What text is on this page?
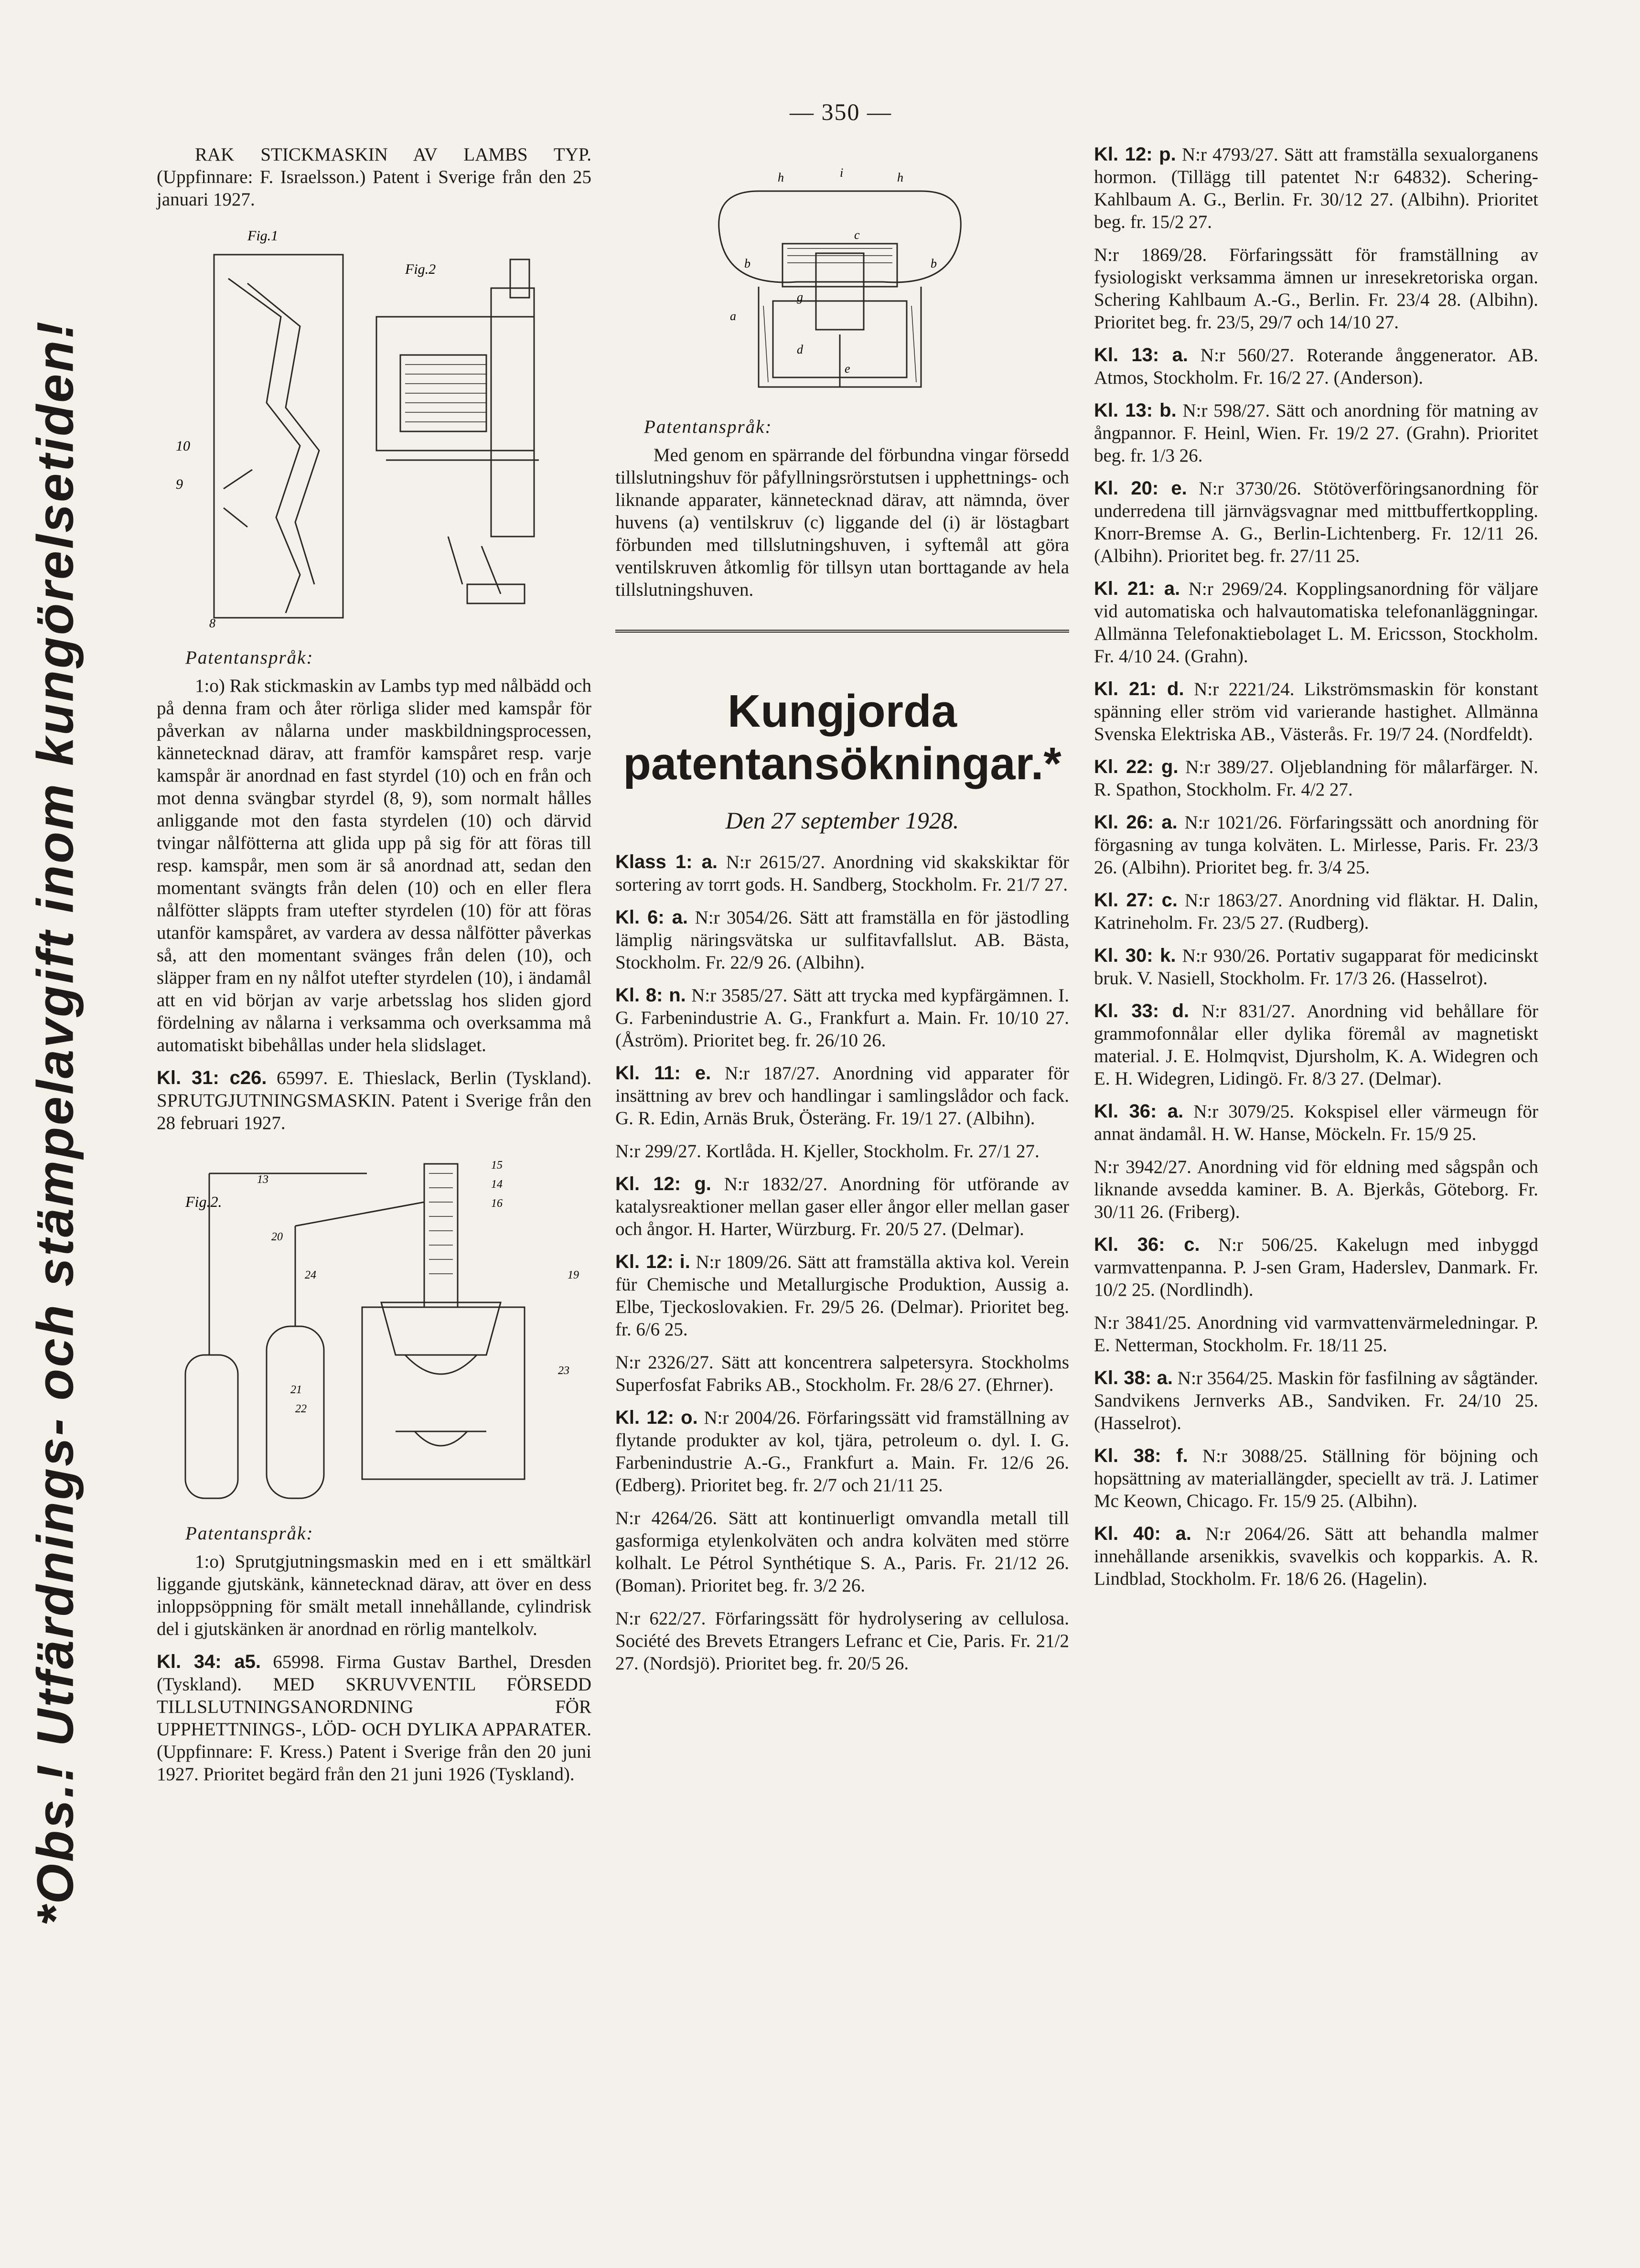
— 350 —
*Obs.! Utfärdnings- och stämpelavgift inom kungörelsetiden!

RAK STICKMASKIN AV LAMBS TYP. (Uppfinnare: F. Israelsson.) Patent i Sverige från den 25 januari 1927.

Fig.1
Fig.2
10
9
8

Patentanspråk:

1:o) Rak stickmaskin av Lambs typ med nålbädd och på denna fram och åter rörliga slider med kamspår för påverkan av nålarna under maskbildningsprocessen, kännetecknad därav, att framför kamspåret resp. varje kamspår är anordnad en fast styrdel (10) och en från och mot denna svängbar styrdel (8, 9), som normalt hålles anliggande mot den fasta styrdelen (10) och därvid tvingar nålfötterna att glida upp på sig för att föras till resp. kamspår, men som är så anordnad att, sedan den momentant svängts från delen (10) och en eller flera nålfötter släppts fram utefter styrdelen (10) för att föras utanför kamspåret, av vardera av dessa nålfötter påverkas så, att den momentant svänges från delen (10), och släpper fram en ny nålfot utefter styrdelen (10), i ändamål att en vid början av varje arbetsslag hos sliden gjord fördelning av nålarna i verksamma och overksamma må automatiskt bibehållas under hela slidslaget.

Kl. 31: c26. 65997. E. Thieslack, Berlin (Tyskland). SPRUTGJUTNINGSMASKIN. Patent i Sverige från den 28 februari 1927.

Fig.2.
13
15
14
16
20
24	19
21
22
23

Patentanspråk:

1:o) Sprutgjutningsmaskin med en i ett smältkärl liggande gjutskänk, kännetecknad därav, att över en dess inloppsöppning för smält metall innehållande, cylindrisk del i gjutskänken är anordnad en rörlig mantelkolv.

Kl. 34: a5. 65998. Firma Gustav Barthel, Dresden (Tyskland). MED SKRUVVENTIL FÖRSEDD TILLSLUTNINGSANORDNING FÖR UPPHETTNINGS-, LÖD- OCH DYLIKA APPARATER. (Uppfinnare: F. Kress.) Patent i Sverige från den 20 juni 1927. Prioritet begärd från den 21 juni 1926 (Tyskland).

h	i	h
c
b	b
g
a
d
e

Patentanspråk:

Med genom en spärrande del förbundna vingar försedd tillslutningshuv för påfyllningsrörstutsen i upphettnings- och liknande apparater, kännetecknad därav, att nämnda, över huvens (a) ventilskruv (c) liggande del (i) är löstagbart förbunden med tillslutningshuven, i syftemål att göra ventilskruven åtkomlig för tillsyn utan borttagande av hela tillslutningshuven.

Kungjorda patentansökningar.*
Den 27 september 1928.

Klass 1: a. N:r 2615/27. Anordning vid skakskiktar för sortering av torrt gods. H. Sandberg, Stockholm. Fr. 21/7 27.

Kl. 6: a. N:r 3054/26. Sätt att framställa en för jästodling lämplig näringsvätska ur sulfitavfallslut. AB. Bästa, Stockholm. Fr. 22/9 26. (Albihn).

Kl. 8: n. N:r 3585/27. Sätt att trycka med kypfärgämnen. I. G. Farbenindustrie A. G., Frankfurt a. Main. Fr. 10/10 27. (Åström). Prioritet beg. fr. 26/10 26.

Kl. 11: e. N:r 187/27. Anordning vid apparater för insättning av brev och handlingar i samlingslådor och fack. G. R. Edin, Arnäs Bruk, Österäng. Fr. 19/1 27. (Albihn).

N:r 299/27. Kortlåda. H. Kjeller, Stockholm. Fr. 27/1 27.

Kl. 12: g. N:r 1832/27. Anordning för utförande av katalysreaktioner mellan gaser eller ångor eller mellan gaser och ångor. H. Harter, Würzburg. Fr. 20/5 27. (Delmar).

Kl. 12: i. N:r 1809/26. Sätt att framställa aktiva kol. Verein für Chemische und Metallurgische Produktion, Aussig a. Elbe, Tjeckoslovakien. Fr. 29/5 26. (Delmar). Prioritet beg. fr. 6/6 25.

N:r 2326/27. Sätt att koncentrera salpetersyra. Stockholms Superfosfat Fabriks AB., Stockholm. Fr. 28/6 27. (Ehrner).

Kl. 12: o. N:r 2004/26. Förfaringssätt vid framställning av flytande produkter av kol, tjära, petroleum o. dyl. I. G. Farbenindustrie A.-G., Frankfurt a. Main. Fr. 12/6 26. (Edberg). Prioritet beg. fr. 2/7 och 21/11 25.

N:r 4264/26. Sätt att kontinuerligt omvandla metall till gasformiga etylenkolväten och andra kolväten med större kolhalt. Le Pétrol Synthétique S. A., Paris. Fr. 21/12 26. (Boman). Prioritet beg. fr. 3/2 26.

N:r 622/27. Förfaringssätt för hydrolysering av cellulosa. Société des Brevets Etrangers Lefranc et Cie, Paris. Fr. 21/2 27. (Nordsjö). Prioritet beg. fr. 20/5 26.

Kl. 12: p. N:r 4793/27. Sätt att framställa sexualorganens hormon. (Tillägg till patentet N:r 64832). Schering-Kahlbaum A. G., Berlin. Fr. 30/12 27. (Albihn). Prioritet beg. fr. 15/2 27.

N:r 1869/28. Förfaringssätt för framställning av fysiologiskt verksamma ämnen ur inresekretoriska organ. Schering Kahlbaum A.-G., Berlin. Fr. 23/4 28. (Albihn). Prioritet beg. fr. 23/5, 29/7 och 14/10 27.

Kl. 13: a. N:r 560/27. Roterande ånggenerator. AB. Atmos, Stockholm. Fr. 16/2 27. (Anderson).

Kl. 13: b. N:r 598/27. Sätt och anordning för matning av ångpannor. F. Heinl, Wien. Fr. 19/2 27. (Grahn). Prioritet beg. fr. 1/3 26.

Kl. 20: e. N:r 3730/26. Stötöverföringsanordning för underredena till järnvägsvagnar med mittbuffertkoppling. Knorr-Bremse A. G., Berlin-Lichtenberg. Fr. 12/11 26. (Albihn). Prioritet beg. fr. 27/11 25.

Kl. 21: a. N:r 2969/24. Kopplingsanordning för väljare vid automatiska och halvautomatiska telefonanläggningar. Allmänna Telefonaktiebolaget L. M. Ericsson, Stockholm. Fr. 4/10 24. (Grahn).

Kl. 21: d. N:r 2221/24. Likströmsmaskin för konstant spänning eller ström vid varierande hastighet. Allmänna Svenska Elektriska AB., Västerås. Fr. 19/7 24. (Nordfeldt).

Kl. 22: g. N:r 389/27. Oljeblandning för målarfärger. N. R. Spathon, Stockholm. Fr. 4/2 27.

Kl. 26: a. N:r 1021/26. Förfaringssätt och anordning för förgasning av tunga kolväten. L. Mirlesse, Paris. Fr. 23/3 26. (Albihn). Prioritet beg. fr. 3/4 25.

Kl. 27: c. N:r 1863/27. Anordning vid fläktar. H. Dalin, Katrineholm. Fr. 23/5 27. (Rudberg).

Kl. 30: k. N:r 930/26. Portativ sugapparat för medicinskt bruk. V. Nasiell, Stockholm. Fr. 17/3 26. (Hasselrot).

Kl. 33: d. N:r 831/27. Anordning vid behållare för grammofonnålar eller dylika föremål av magnetiskt material. J. E. Holmqvist, Djursholm, K. A. Widegren och E. H. Widegren, Lidingö. Fr. 8/3 27. (Delmar).

Kl. 36: a. N:r 3079/25. Kokspisel eller värmeugn för annat ändamål. H. W. Hanse, Möckeln. Fr. 15/9 25.

N:r 3942/27. Anordning vid för eldning med sågspån och liknande avsedda kaminer. B. A. Bjerkås, Göteborg. Fr. 30/11 26. (Friberg).

Kl. 36: c. N:r 506/25. Kakelugn med inbyggd varmvattenpanna. P. J-sen Gram, Haderslev, Danmark. Fr. 10/2 25. (Nordlindh).

N:r 3841/25. Anordning vid varmvattenvärmeledningar. P. E. Netterman, Stockholm. Fr. 18/11 25.

Kl. 38: a. N:r 3564/25. Maskin för fasfilning av sågtänder. Sandvikens Jernverks AB., Sandviken. Fr. 24/10 25. (Hasselrot).

Kl. 38: f. N:r 3088/25. Ställning för böjning och hopsättning av materiallängder, speciellt av trä. J. Latimer Mc Keown, Chicago. Fr. 15/9 25. (Albihn).

Kl. 40: a. N:r 2064/26. Sätt att behandla malmer innehållande arsenikkis, svavelkis och kopparkis. A. R. Lindblad, Stockholm. Fr. 18/6 26. (Hagelin).
